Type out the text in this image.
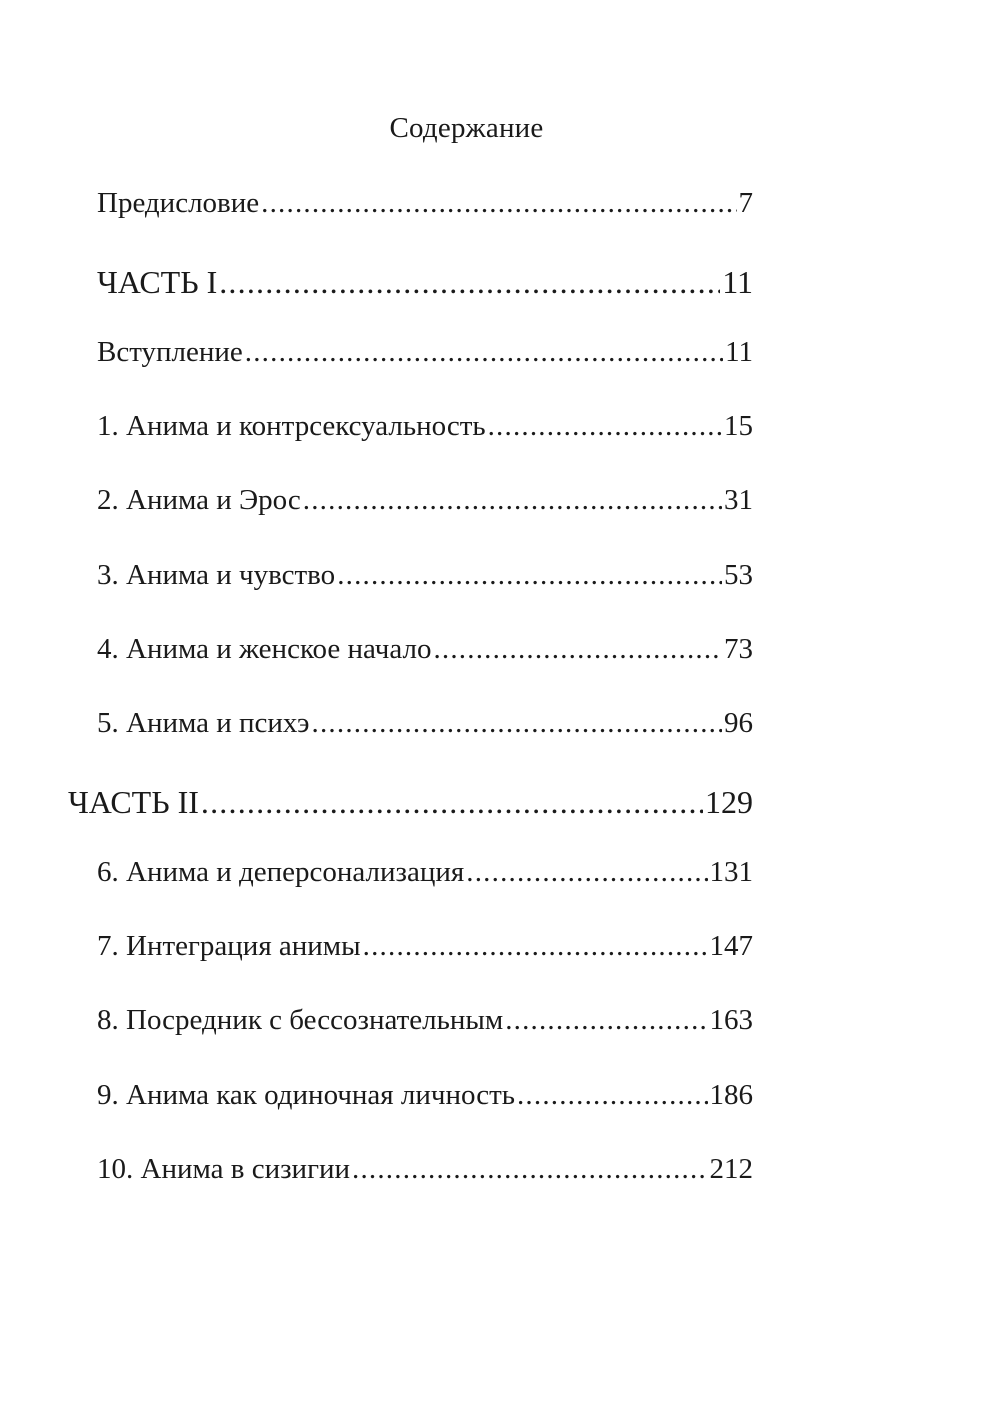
Содержание
Предисловие .....	7
ЧАСТЬ I .....	11
Вступление .....	11
1. Анима и контрсексуальность .....	15
2. Анима и Эрос .....	31
3. Анима и чувство .....	53
4. Анима и женское начало .....	73
5. Анима и психэ .....	96
ЧАСТЬ II .....	129
6. Анима и деперсонализация .....	131
7. Интеграция анимы .....	147
8. Посредник с бессознательным .....	163
9. Анима как одиночная личность .....	186
10. Анима в сизигии .....	212
